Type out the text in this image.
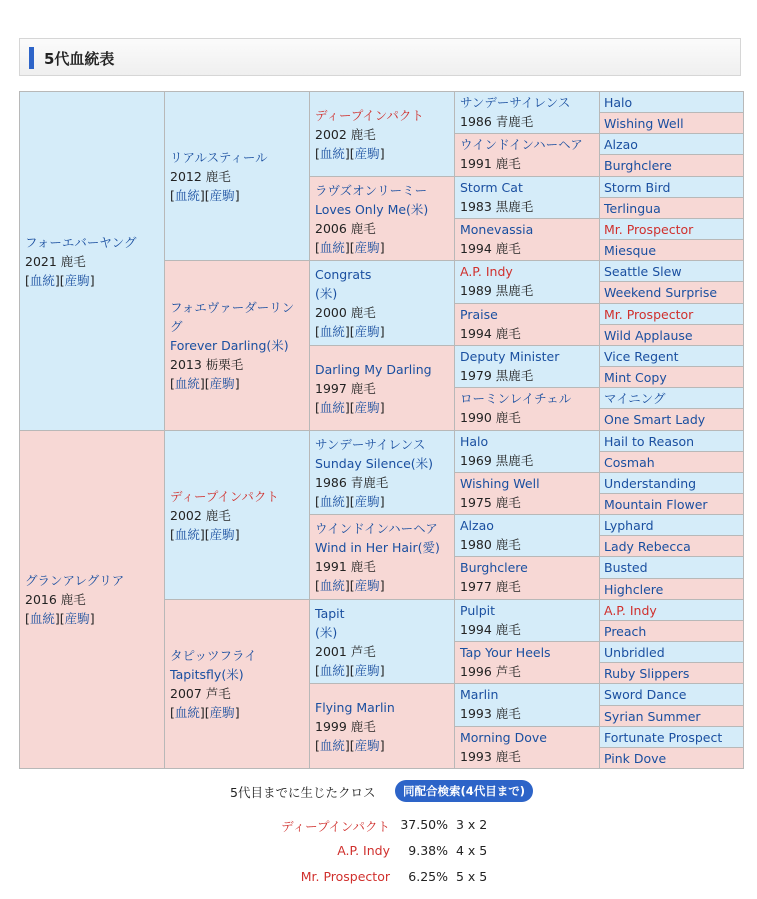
5代血統表
フォーエバーヤング
2021 鹿毛
[血統][産駒]
グランアレグリア
2016 鹿毛
[血統][産駒]
リアルスティール
2012 鹿毛
[血統][産駒]
フォエヴァーダーリング
Forever Darling(米)
2013 栃栗毛
[血統][産駒]
ディープインパクト
2002 鹿毛
[血統][産駒]
タピッツフライ
Tapitsfly(米)
2007 芦毛
[血統][産駒]
ディープインパクト
2002 鹿毛
[血統][産駒]
ラヴズオンリーミー
Loves Only Me(米)
2006 鹿毛
[血統][産駒]
Congrats
(米)
2000 鹿毛
[血統][産駒]
Darling My Darling
1997 鹿毛
[血統][産駒]
サンデーサイレンス
Sunday Silence(米)
1986 青鹿毛
[血統][産駒]
ウインドインハーヘア
Wind in Her Hair(愛)
1991 鹿毛
[血統][産駒]
Tapit
(米)
2001 芦毛
[血統][産駒]
Flying Marlin
1999 鹿毛
[血統][産駒]
サンデーサイレンス
1986 青鹿毛
ウインドインハーヘア
1991 鹿毛
Storm Cat
1983 黒鹿毛
Monevassia
1994 鹿毛
A.P. Indy
1989 黒鹿毛
Praise
1994 鹿毛
Deputy Minister
1979 黒鹿毛
ローミンレイチェル
1990 鹿毛
Halo
1969 黒鹿毛
Wishing Well
1975 鹿毛
Alzao
1980 鹿毛
Burghclere
1977 鹿毛
Pulpit
1994 鹿毛
Tap Your Heels
1996 芦毛
Marlin
1993 鹿毛
Morning Dove
1993 鹿毛
Halo
Wishing Well
Alzao
Burghclere
Storm Bird
Terlingua
Mr. Prospector
Miesque
Seattle Slew
Weekend Surprise
Mr. Prospector
Wild Applause
Vice Regent
Mint Copy
マイニング
One Smart Lady
Hail to Reason
Cosmah
Understanding
Mountain Flower
Lyphard
Lady Rebecca
Busted
Highclere
A.P. Indy
Preach
Unbridled
Ruby Slippers
Sword Dance
Syrian Summer
Fortunate Prospect
Pink Dove
5代目までに生じたクロス	同配合検索(4代目まで)
ディープインパクト 37.50% 3 x 2
A.P. Indy 9.38% 4 x 5
Mr. Prospector 6.25% 5 x 5
